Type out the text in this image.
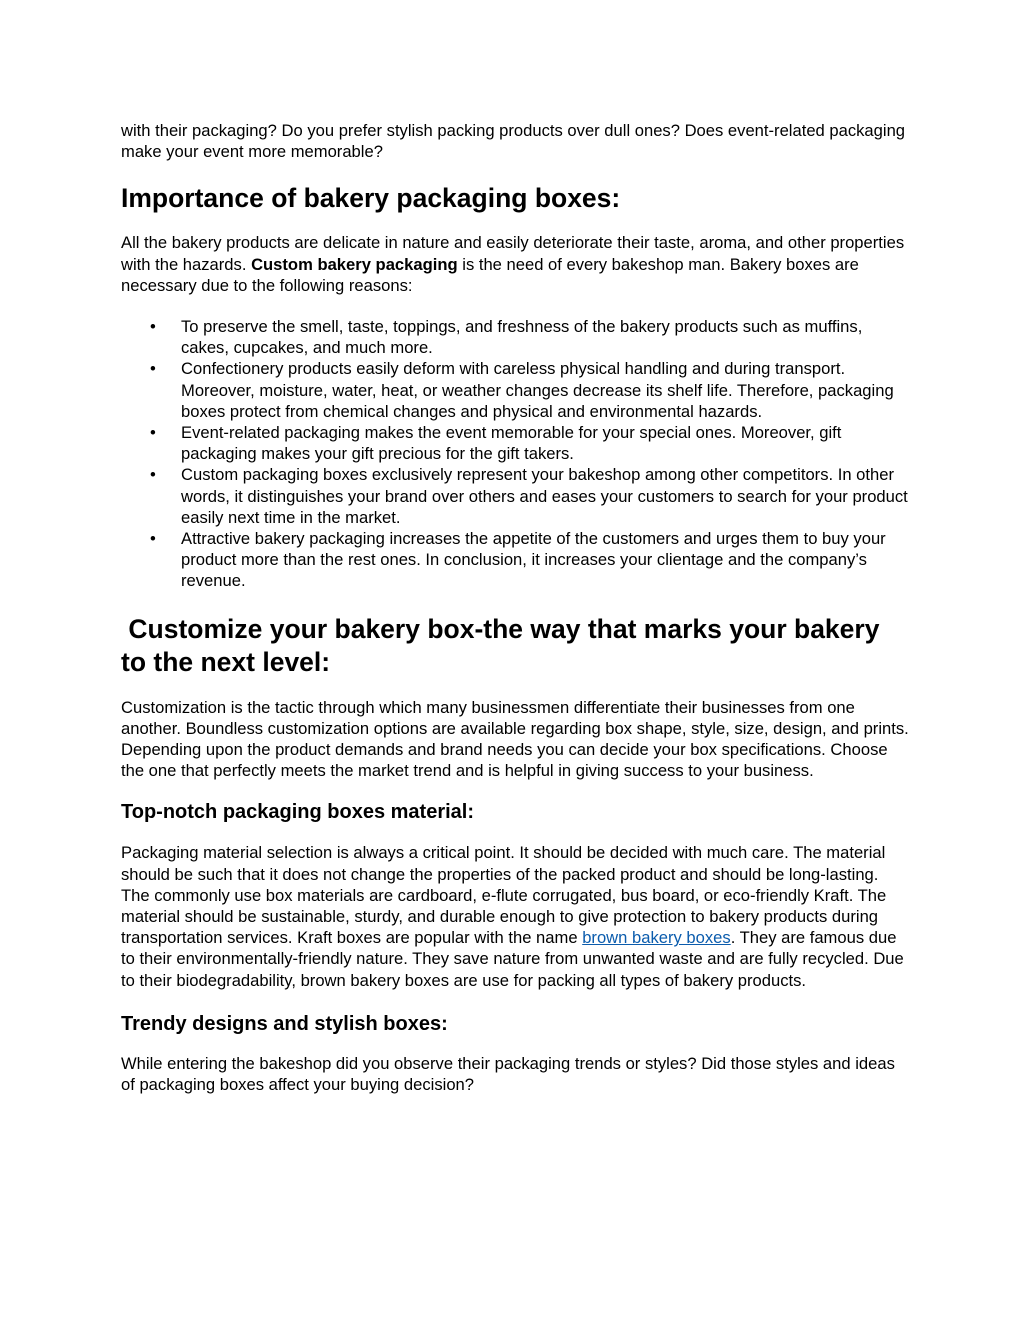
with their packaging? Do you prefer stylish packing products over dull ones? Does event-related packaging make your event more memorable?

Importance of bakery packaging boxes:

All the bakery products are delicate in nature and easily deteriorate their taste, aroma, and other properties with the hazards. Custom bakery packaging is the need of every bakeshop man. Bakery boxes are necessary due to the following reasons:

• To preserve the smell, taste, toppings, and freshness of the bakery products such as muffins, cakes, cupcakes, and much more.
• Confectionery products easily deform with careless physical handling and during transport. Moreover, moisture, water, heat, or weather changes decrease its shelf life. Therefore, packaging boxes protect from chemical changes and physical and environmental hazards.
• Event-related packaging makes the event memorable for your special ones. Moreover, gift packaging makes your gift precious for the gift takers.
• Custom packaging boxes exclusively represent your bakeshop among other competitors. In other words, it distinguishes your brand over others and eases your customers to search for your product easily next time in the market.
• Attractive bakery packaging increases the appetite of the customers and urges them to buy your product more than the rest ones. In conclusion, it increases your clientage and the company’s revenue.
Customize your bakery box-the way that marks your bakery to the next level:

Customization is the tactic through which many businessmen differentiate their businesses from one another. Boundless customization options are available regarding box shape, style, size, design, and prints. Depending upon the product demands and brand needs you can decide your box specifications. Choose the one that perfectly meets the market trend and is helpful in giving success to your business.

Top-notch packaging boxes material:

Packaging material selection is always a critical point. It should be decided with much care. The material should be such that it does not change the properties of the packed product and should be long-lasting. The commonly use box materials are cardboard, e-flute corrugated, bus board, or eco-friendly Kraft. The material should be sustainable, sturdy, and durable enough to give protection to bakery products during transportation services. Kraft boxes are popular with the name brown bakery boxes. They are famous due to their environmentally-friendly nature. They save nature from unwanted waste and are fully recycled. Due to their biodegradability, brown bakery boxes are use for packing all types of bakery products.

Trendy designs and stylish boxes:

While entering the bakeshop did you observe their packaging trends or styles? Did those styles and ideas of packaging boxes affect your buying decision?
